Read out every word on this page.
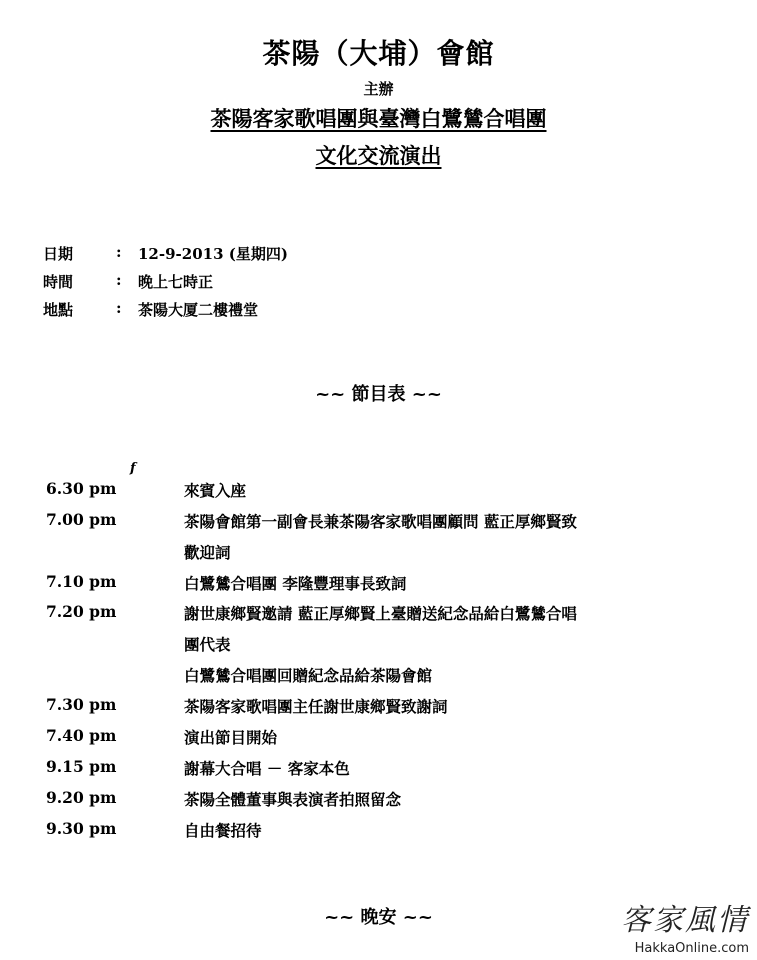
茶陽（大埔）會館
主辦
茶陽客家歌唱團與臺灣白鷺鷥合唱團
文化交流演出
日期	: 12-9-2013 (星期四)
時間	: 晚上七時正
地點	: 茶陽大厦二樓禮堂
~~ 節目表 ~~
f
6.30 pm	來賓入座
7.00 pm	茶陽會館第一副會長兼茶陽客家歌唱團顧問 藍正厚鄉賢致
歡迎詞
7.10 pm	白鷺鷥合唱團 李隆豐理事長致詞
7.20 pm	謝世康鄉賢邀請 藍正厚鄉賢上臺贈送紀念品給白鷺鷥合唱
團代表
白鷺鷥合唱團回贈紀念品給茶陽會館
7.30 pm	茶陽客家歌唱團主任謝世康鄉賢致謝詞
7.40 pm	演出節目開始
9.15 pm	謝幕大合唱 － 客家本色
9.20 pm	茶陽全體董事與表演者拍照留念
9.30 pm	自由餐招待
~~ 晚安 ~~	客家風情
HakkaOnline.com
